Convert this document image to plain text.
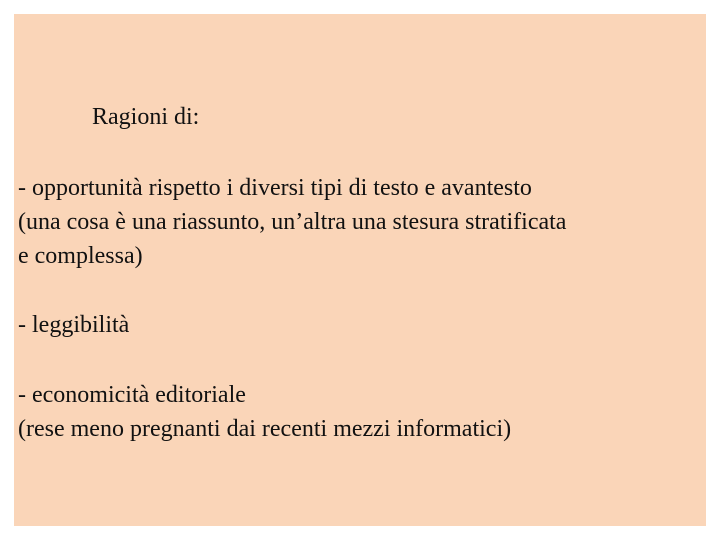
Ragioni di:

- opportunità rispetto i diversi tipi di testo e avantesto
(una cosa è una riassunto, un’altra una stesura stratificata
e complessa)

- leggibilità

- economicità editoriale
(rese meno pregnanti dai recenti mezzi informatici)
